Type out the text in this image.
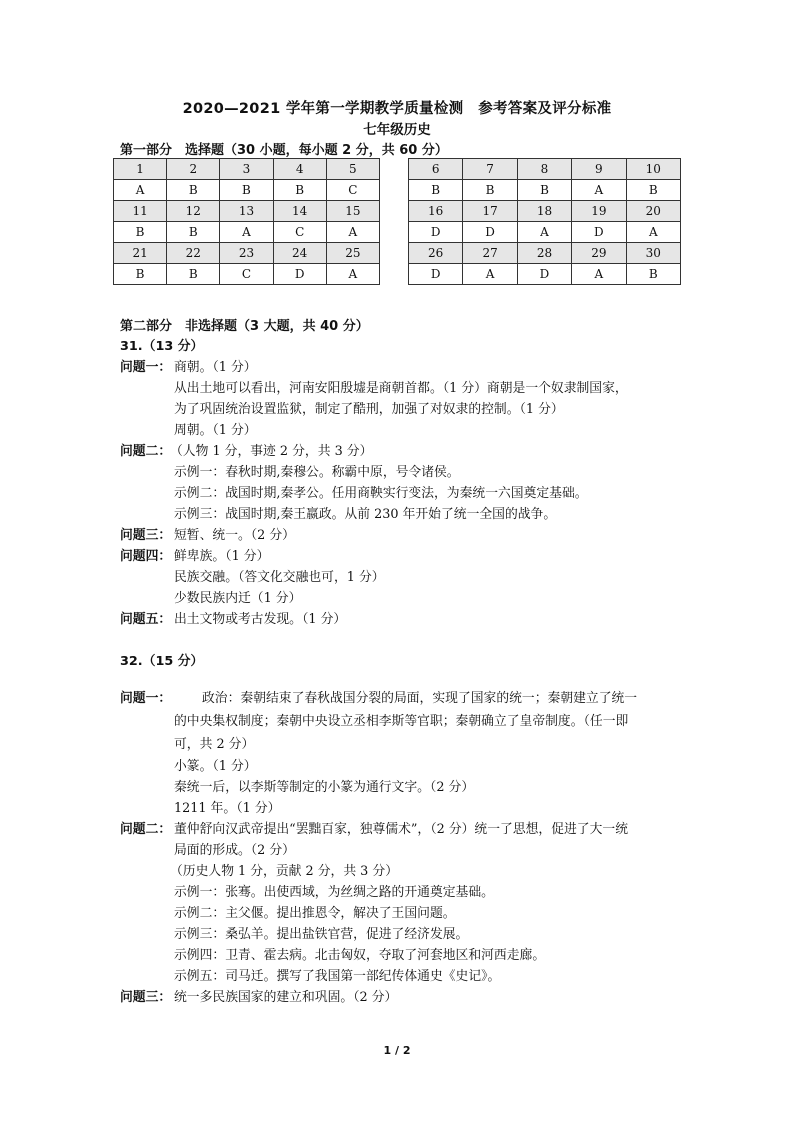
2020—2021 学年第一学期教学质量检测　参考答案及评分标准
七年级历史
第一部分　选择题（30 小题，每小题 2 分，共 60 分）
1	2	3	4	5
A	B	B	B	C
11	12	13	14	15
B	B	A	C	A
21	22	23	24	25
B	B	C	D	A
6	7	8	9	10
B	B	B	A	B
16	17	18	19	20
D	D	A	D	A
26	27	28	29	30
D	A	D	A	B
第二部分　非选择题（3 大题，共 40 分）
31.（13 分）
问题一： 商朝。（1 分）
从出土地可以看出，河南安阳殷墟是商朝首都。（1 分）商朝是一个奴隶制国家，
为了巩固统治设置监狱，制定了酷刑，加强了对奴隶的控制。（1 分）
周朝。（1 分）
问题二：
（人物 1 分，事迹 2 分，共 3 分）
示例一：春秋时期,秦穆公。称霸中原，号令诸侯。
示例二：战国时期,秦孝公。任用商鞅实行变法，为秦统一六国奠定基础。
示例三：战国时期,秦王嬴政。从前 230 年开始了统一全国的战争。
问题三： 短暂、统一。（2 分）
问题四： 鲜卑族。（1 分）
民族交融。（答文化交融也可，1 分）
少数民族内迁（1 分）
问题五： 出土文物或考古发现。（1 分）
32.（15 分）
问题一： 政治：秦朝结束了春秋战国分裂的局面，实现了国家的统一；秦朝建立了统一
的中央集权制度；秦朝中央设立丞相李斯等官职；秦朝确立了皇帝制度。（任一即
可，共 2 分）
小篆。（1 分）
秦统一后，以李斯等制定的小篆为通行文字。（2 分）
1211 年。（1 分）
问题二： 董仲舒向汉武帝提出“罢黜百家，独尊儒术”，（2 分）统一了思想，促进了大一统
局面的形成。（2 分）
（历史人物 1 分，贡献 2 分，共 3 分）
示例一：张骞。出使西域，为丝绸之路的开通奠定基础。
示例二：主父偃。提出推恩令，解决了王国问题。
示例三：桑弘羊。提出盐铁官营，促进了经济发展。
示例四：卫青、霍去病。北击匈奴，夺取了河套地区和河西走廊。
示例五：司马迁。撰写了我国第一部纪传体通史《史记》。
问题三： 统一多民族国家的建立和巩固。（2 分）
1 / 2
